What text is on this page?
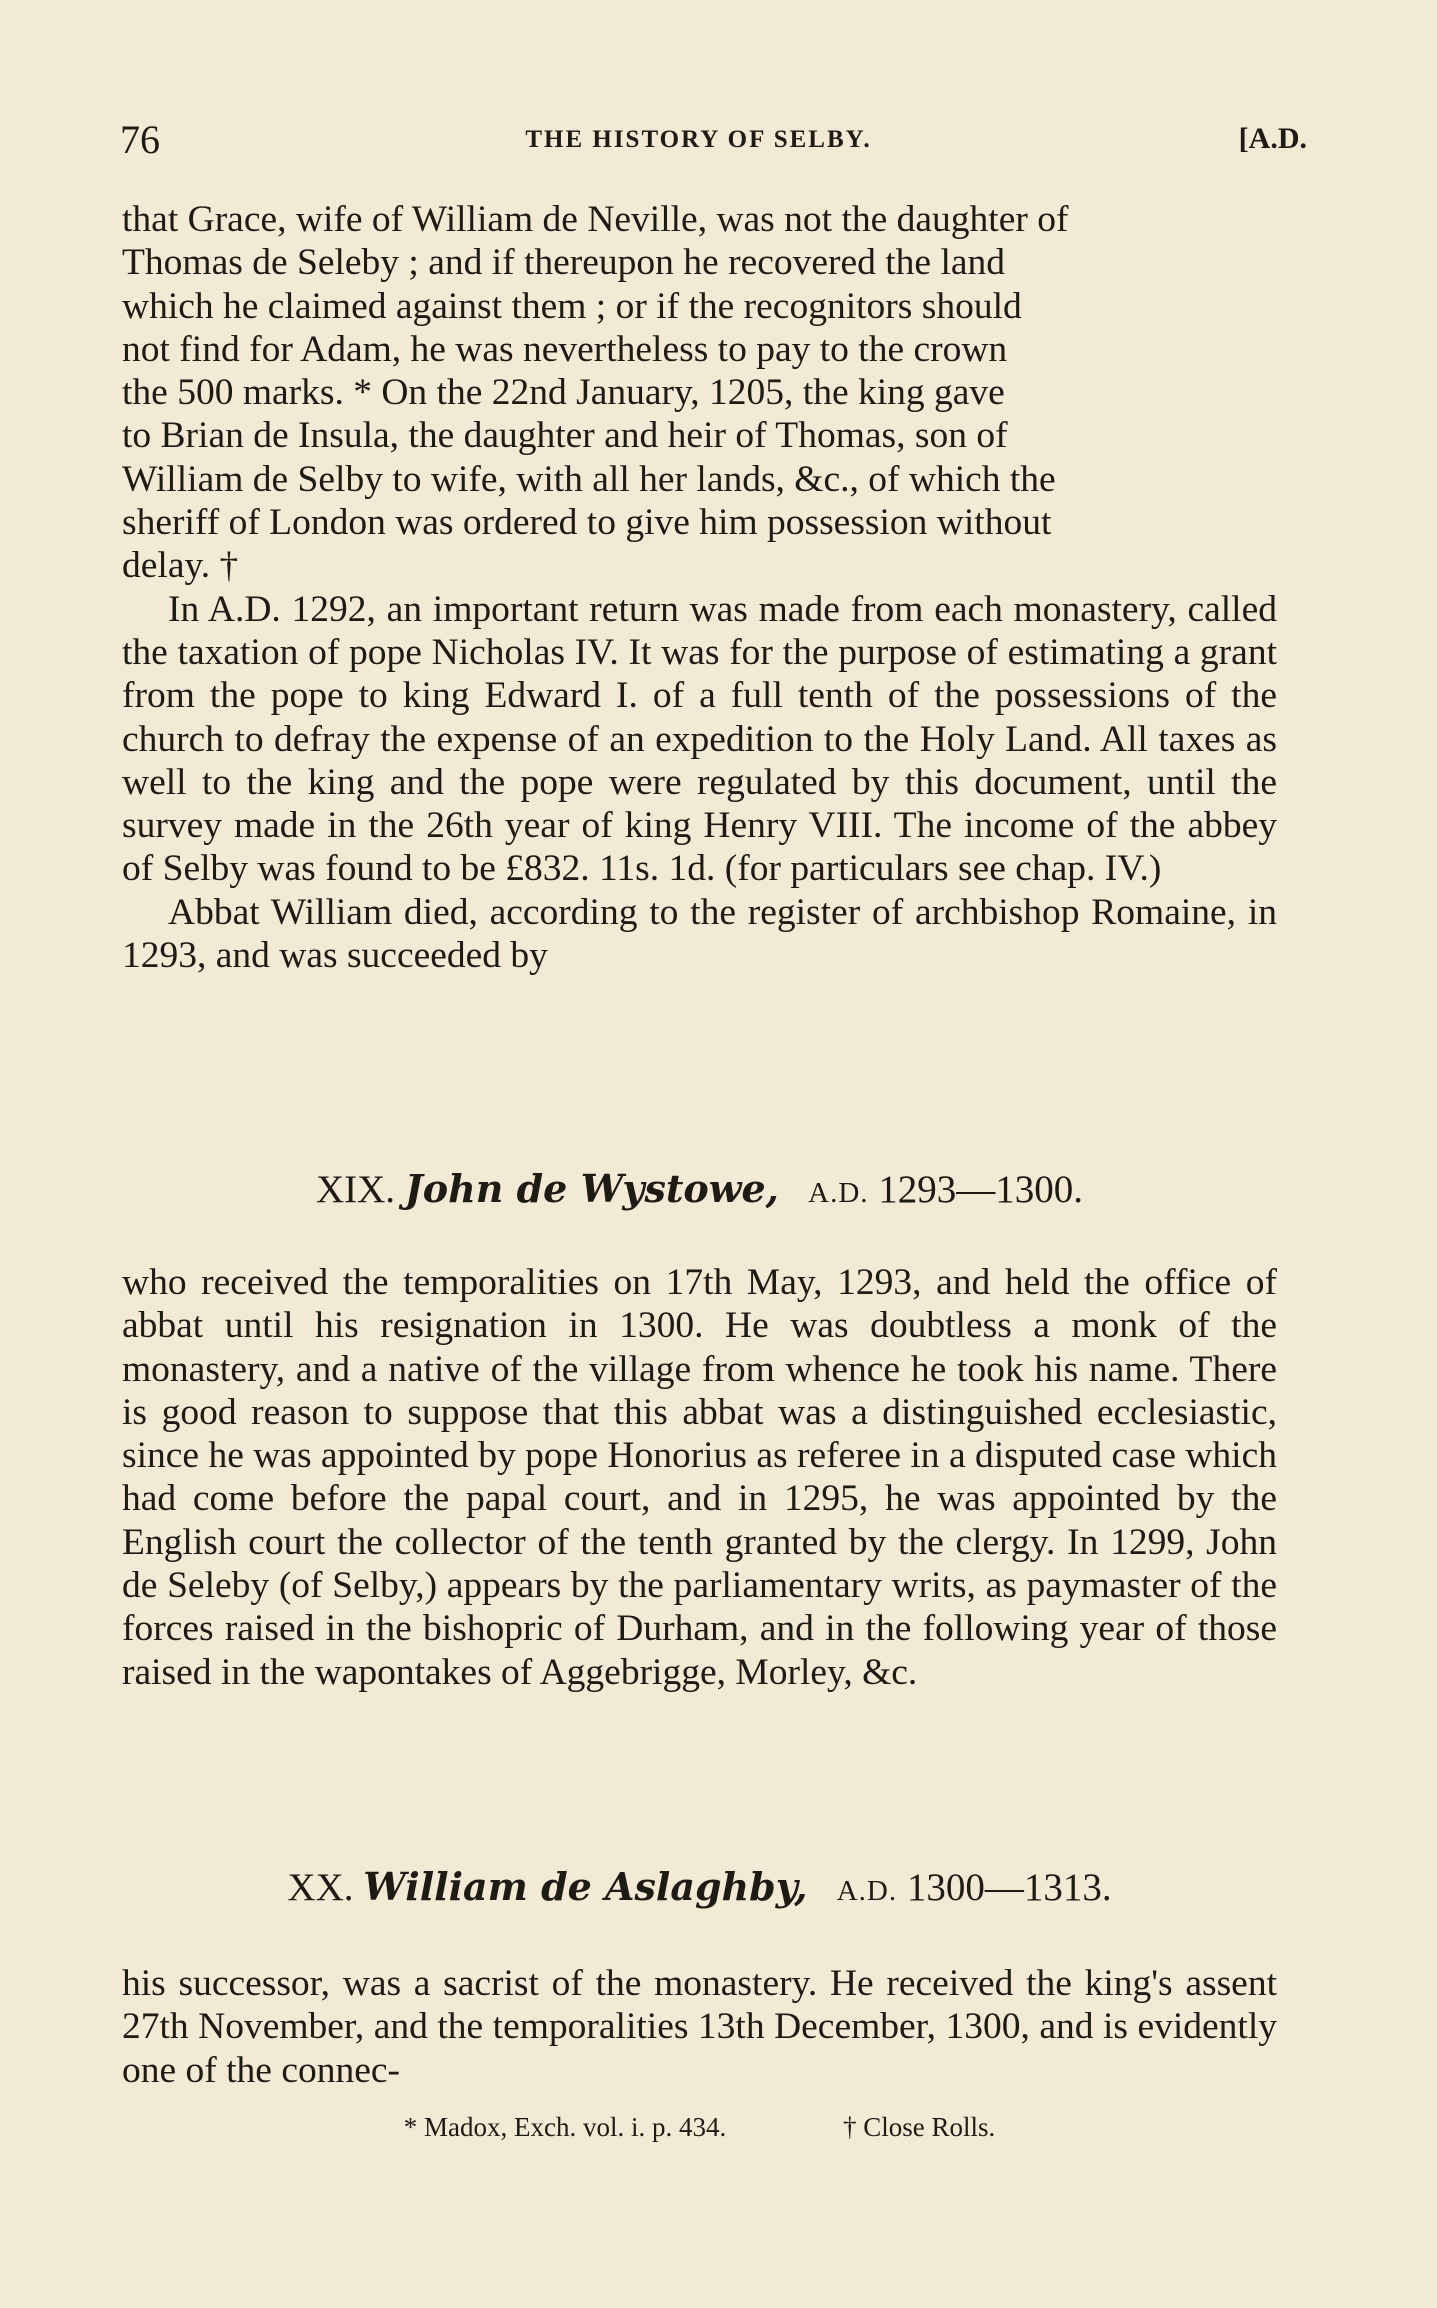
76	THE HISTORY OF SELBY.	[A.D.

that Grace, wife of William de Neville, was not the daughter of

Thomas de Seleby ; and if thereupon he recovered the land

which he claimed against them ; or if the recognitors should

not find for Adam, he was nevertheless to pay to the crown

the 500 marks. * On the 22nd January, 1205, the king gave

to Brian de Insula, the daughter and heir of Thomas, son of

William de Selby to wife, with all her lands, &c., of which the

sheriff of London was ordered to give him possession without

delay. †

In A.D. 1292, an important return was made from each monastery, called the taxation of pope Nicholas IV. It was for the purpose of estimating a grant from the pope to king Edward I. of a full tenth of the possessions of the church to defray the expense of an expedition to the Holy Land. All taxes as well to the king and the pope were regulated by this document, until the survey made in the 26th year of king Henry VIII. The income of the abbey of Selby was found to be £832. 11s. 1d. (for particulars see chap. IV.)

Abbat William died, according to the register of archbishop Romaine, in 1293, and was succeeded by

XIX. John de Wystowe, A.D. 1293—1300.

who received the temporalities on 17th May, 1293, and held the office of abbat until his resignation in 1300. He was doubtless a monk of the monastery, and a native of the village from whence he took his name. There is good reason to suppose that this abbat was a distinguished ecclesiastic, since he was appointed by pope Honorius as referee in a disputed case which had come before the papal court, and in 1295, he was appointed by the English court the collector of the tenth granted by the clergy. In 1299, John de Seleby (of Selby,) appears by the parliamentary writs, as paymaster of the forces raised in the bishopric of Durham, and in the following year of those raised in the wapontakes of Aggebrigge, Morley, &c.

XX. William de Aslaghby, A.D. 1300—1313.

his successor, was a sacrist of the monastery. He received the king's assent 27th November, and the temporalities 13th December, 1300, and is evidently one of the connec-

* Madox, Exch. vol. i. p. 434.	† Close Rolls.
